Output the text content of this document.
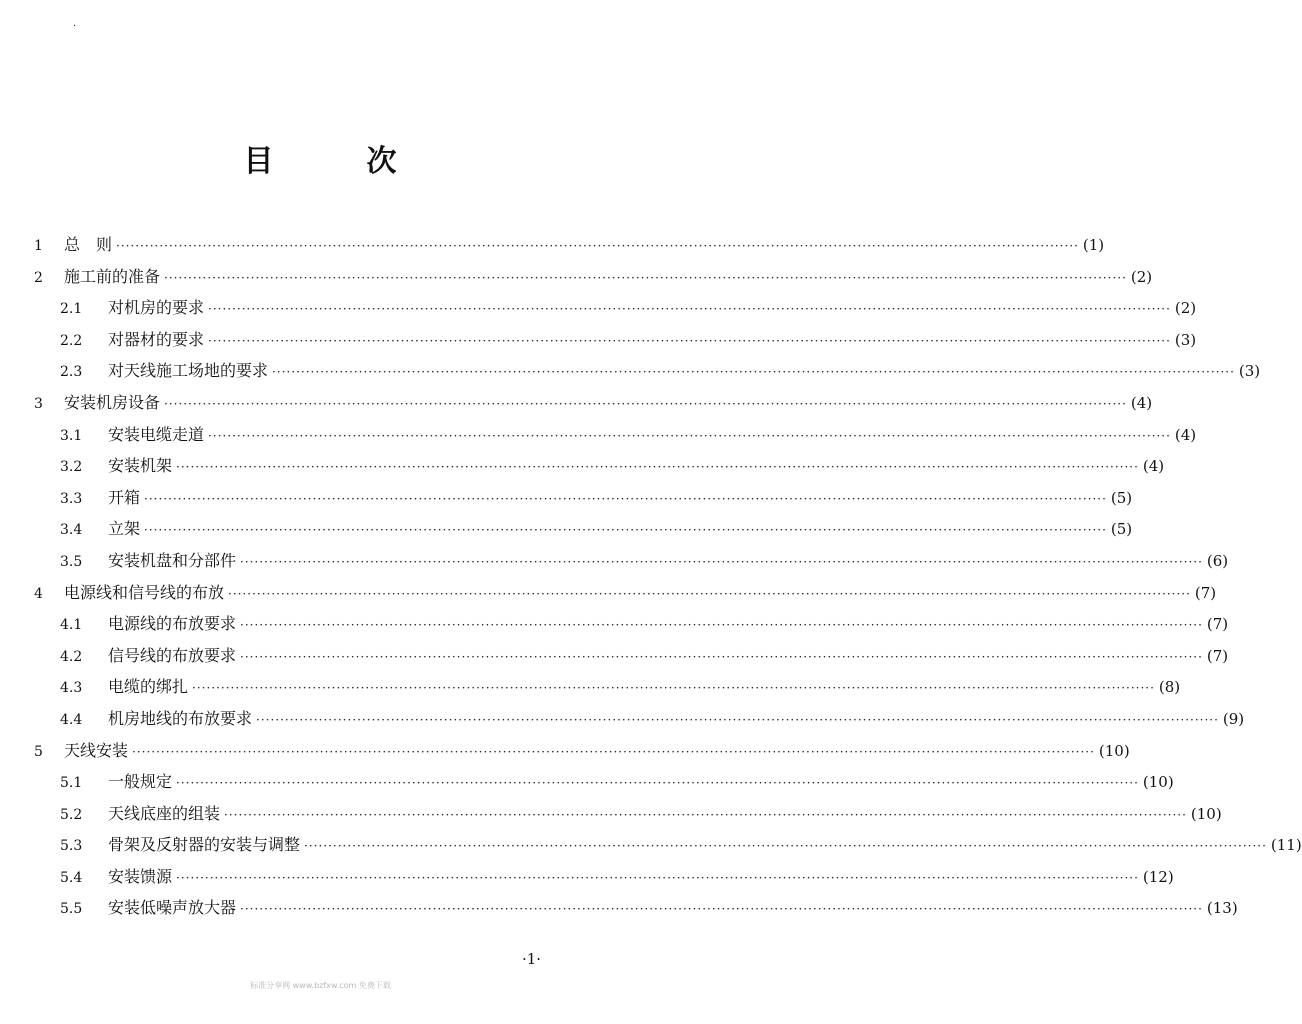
·
目	次
1	总　则 ········································································································································································································ (1)
2	施工前的准备 ········································································································································································································ (2)
2.1	对机房的要求 ········································································································································································································ (2)
2.2	对器材的要求 ········································································································································································································ (3)
2.3	对天线施工场地的要求 ········································································································································································································ (3)
3	安装机房设备 ········································································································································································································ (4)
3.1	安装电缆走道 ········································································································································································································ (4)
3.2	安装机架 ········································································································································································································ (4)
3.3	开箱 ········································································································································································································ (5)
3.4	立架 ········································································································································································································ (5)
3.5	安装机盘和分部件 ········································································································································································································ (6)
4	电源线和信号线的布放 ········································································································································································································ (7)
4.1	电源线的布放要求 ········································································································································································································ (7)
4.2	信号线的布放要求 ········································································································································································································ (7)
4.3	电缆的绑扎 ········································································································································································································ (8)
4.4	机房地线的布放要求 ········································································································································································································ (9)
5	天线安装 ········································································································································································································ (10)
5.1	一般规定 ········································································································································································································ (10)
5.2	天线底座的组装 ········································································································································································································ (10)
5.3	骨架及反射器的安装与调整 ········································································································································································································ (11)
5.4	安装馈源 ········································································································································································································ (12)
5.5	安装低噪声放大器 ········································································································································································································ (13)
·1·
标准分享网 www.bzfxw.com 免费下载
